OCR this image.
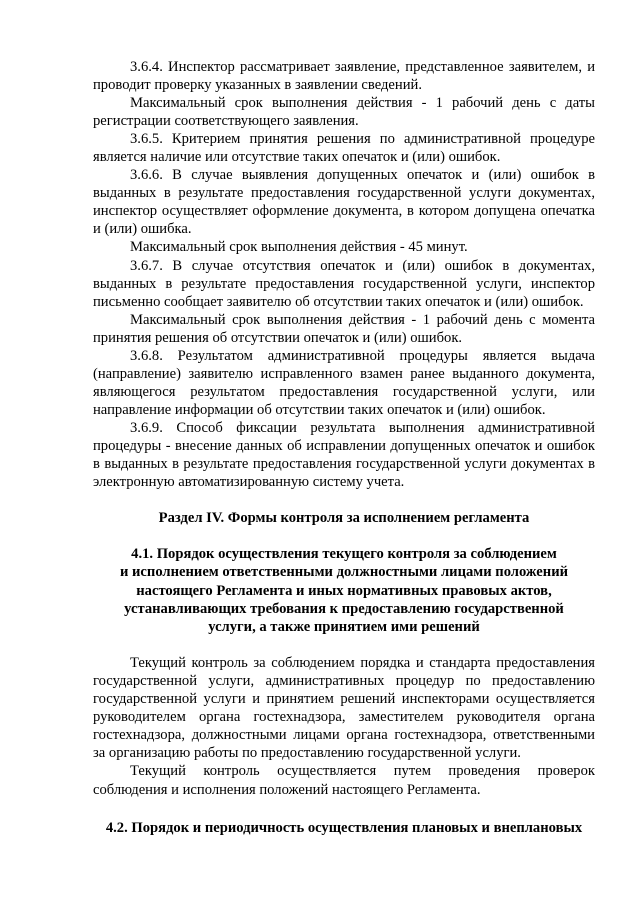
3.6.4. Инспектор рассматривает заявление, представленное заявителем, и проводит проверку указанных в заявлении сведений.

Максимальный срок выполнения действия - 1 рабочий день с даты регистрации соответствующего заявления.

3.6.5. Критерием принятия решения по административной процедуре является наличие или отсутствие таких опечаток и (или) ошибок.

3.6.6. В случае выявления допущенных опечаток и (или) ошибок в выданных в результате предоставления государственной услуги документах, инспектор осуществляет оформление документа, в котором допущена опечатка и (или) ошибка.

Максимальный срок выполнения действия - 45 минут.

3.6.7. В случае отсутствия опечаток и (или) ошибок в документах, выданных в результате предоставления государственной услуги, инспектор письменно сообщает заявителю об отсутствии таких опечаток и (или) ошибок.

Максимальный срок выполнения действия - 1 рабочий день с момента принятия решения об отсутствии опечаток и (или) ошибок.

3.6.8. Результатом административной процедуры является выдача (направление) заявителю исправленного взамен ранее выданного документа, являющегося результатом предоставления государственной услуги, или направление информации об отсутствии таких опечаток и (или) ошибок.

3.6.9. Способ фиксации результата выполнения административной процедуры - внесение данных об исправлении допущенных опечаток и ошибок в выданных в результате предоставления государственной услуги документах в электронную автоматизированную систему учета.

Раздел IV. Формы контроля за исполнением регламента

4.1. Порядок осуществления текущего контроля за соблюдением
и исполнением ответственными должностными лицами положений
настоящего Регламента и иных нормативных правовых актов,
устанавливающих требования к предоставлению государственной
услуги, а также принятием ими решений

Текущий контроль за соблюдением порядка и стандарта предоставления государственной услуги, административных процедур по предоставлению государственной услуги и принятием решений инспекторами осуществляется руководителем органа гостехнадзора, заместителем руководителя органа гостехнадзора, должностными лицами органа гостехнадзора, ответственными за организацию работы по предоставлению государственной услуги.

Текущий контроль осуществляется путем проведения проверок соблюдения и исполнения положений настоящего Регламента.

4.2. Порядок и периодичность осуществления плановых и внеплановых
